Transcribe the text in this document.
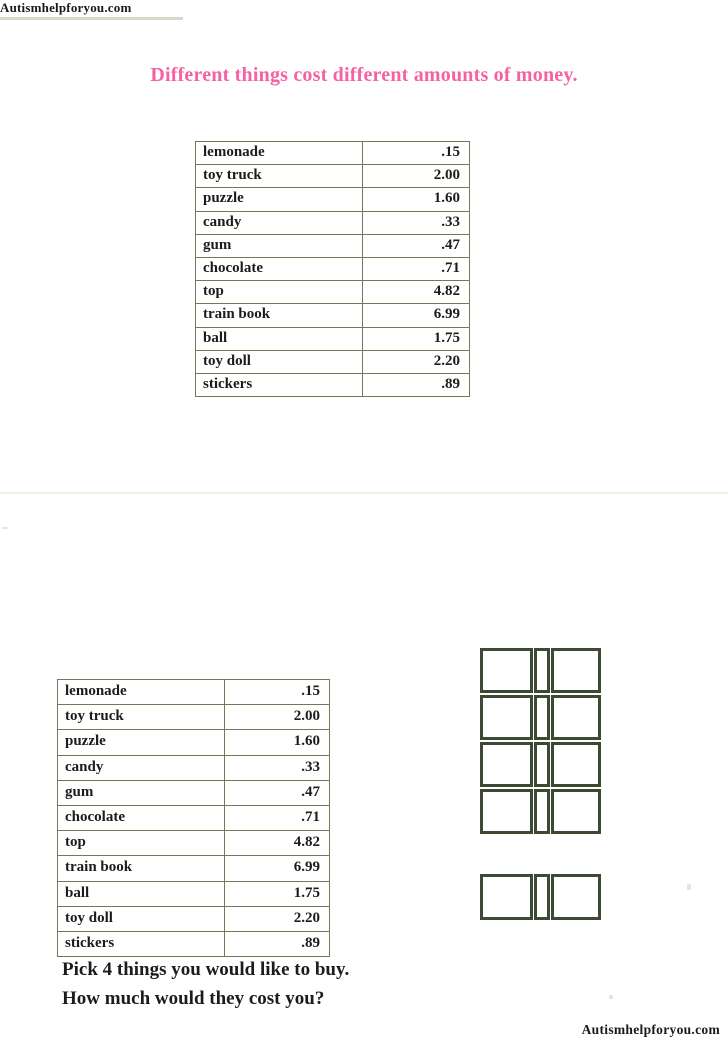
Autismhelpforyou.com
Different things cost different amounts of money.
lemonade	.15
toy truck	2.00
puzzle	1.60
candy	.33
gum	.47
chocolate	.71
top	4.82
train book	6.99
ball	1.75
toy doll	2.20
stickers	.89
lemonade	.15
toy truck	2.00
puzzle	1.60
candy	.33
gum	.47
chocolate	.71
top	4.82
train book	6.99
ball	1.75
toy doll	2.20
stickers	.89
Pick 4 things you would like to buy.
How much would they cost you?
Autismhelpforyou.com
